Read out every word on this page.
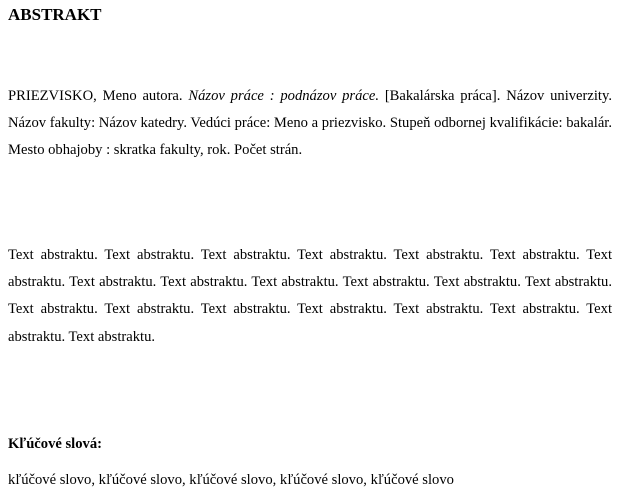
ABSTRAKT

PRIEZVISKO, Meno autora. Názov práce : podnázov práce. [Bakalárska práca]. Názov univerzity. Názov fakulty: Názov katedry. Vedúci práce: Meno a priezvisko. Stupeň odbornej kvalifikácie: bakalár. Mesto obhajoby : skratka fakulty, rok. Počet strán.

Text abstraktu. Text abstraktu. Text abstraktu. Text abstraktu. Text abstraktu. Text abstraktu. Text abstraktu. Text abstraktu. Text abstraktu. Text abstraktu. Text abstraktu. Text abstraktu. Text abstraktu. Text abstraktu. Text abstraktu. Text abstraktu. Text abstraktu. Text abstraktu. Text abstraktu. Text abstraktu. Text abstraktu.

Kľúčové slová:

kľúčové slovo, kľúčové slovo, kľúčové slovo, kľúčové slovo, kľúčové slovo
